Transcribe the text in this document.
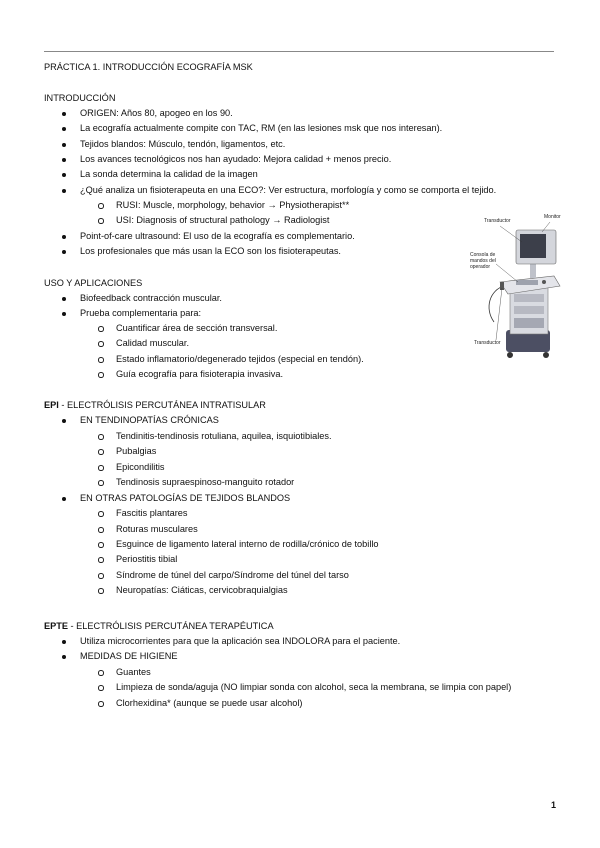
PRÁCTICA 1. INTRODUCCIÓN ECOGRAFÍA MSK
INTRODUCCIÓN
ORIGEN: Años 80, apogeo en los 90.
La ecografía actualmente compite con TAC, RM (en las lesiones msk que nos interesan).
Tejidos blandos: Músculo, tendón, ligamentos, etc.
Los avances tecnológicos nos han ayudado: Mejora calidad + menos precio.
La sonda determina la calidad de la imagen
¿Qué analiza un fisioterapeuta en una ECO?: Ver estructura, morfología y como se comporta el tejido.
RUSI: Muscle, morphology, behavior → Physiotherapist**
USI: Diagnosis of structural pathology → Radiologist
Point-of-care ultrasound: El uso de la ecografía es complementario.
Los profesionales que más usan la ECO son los fisioterapeutas.
Transductor
Monitor
Consola de mandos del operador
Transductor
USO Y APLICACIONES
Biofeedback contracción muscular.
Prueba complementaria para:
Cuantificar área de sección transversal.
Calidad muscular.
Estado inflamatorio/degenerado tejidos (especial en tendón).
Guía ecografía para fisioterapia invasiva.
EPI - ELECTRÓLISIS PERCUTÁNEA INTRATISULAR
EN TENDINOPATÍAS CRÓNICAS
Tendinitis-tendinosis rotuliana, aquilea, isquiotibiales.
Pubalgias
Epicondilitis
Tendinosis supraespinoso-manguito rotador
EN OTRAS PATOLOGÍAS DE TEJIDOS BLANDOS
Fascitis plantares
Roturas musculares
Esguince de ligamento lateral interno de rodilla/crónico de tobillo
Periostitis tibial
Síndrome de túnel del carpo/Síndrome del túnel del tarso
Neuropatías: Ciáticas, cervicobraquialgias
EPTE - ELECTRÓLISIS PERCUTÁNEA TERAPÉUTICA
Utiliza microcorrientes para que la aplicación sea INDOLORA para el paciente.
MEDIDAS DE HIGIENE
Guantes
Limpieza de sonda/aguja (NO limpiar sonda con alcohol, seca la membrana, se limpia con papel)
Clorhexidina* (aunque se puede usar alcohol)
1
